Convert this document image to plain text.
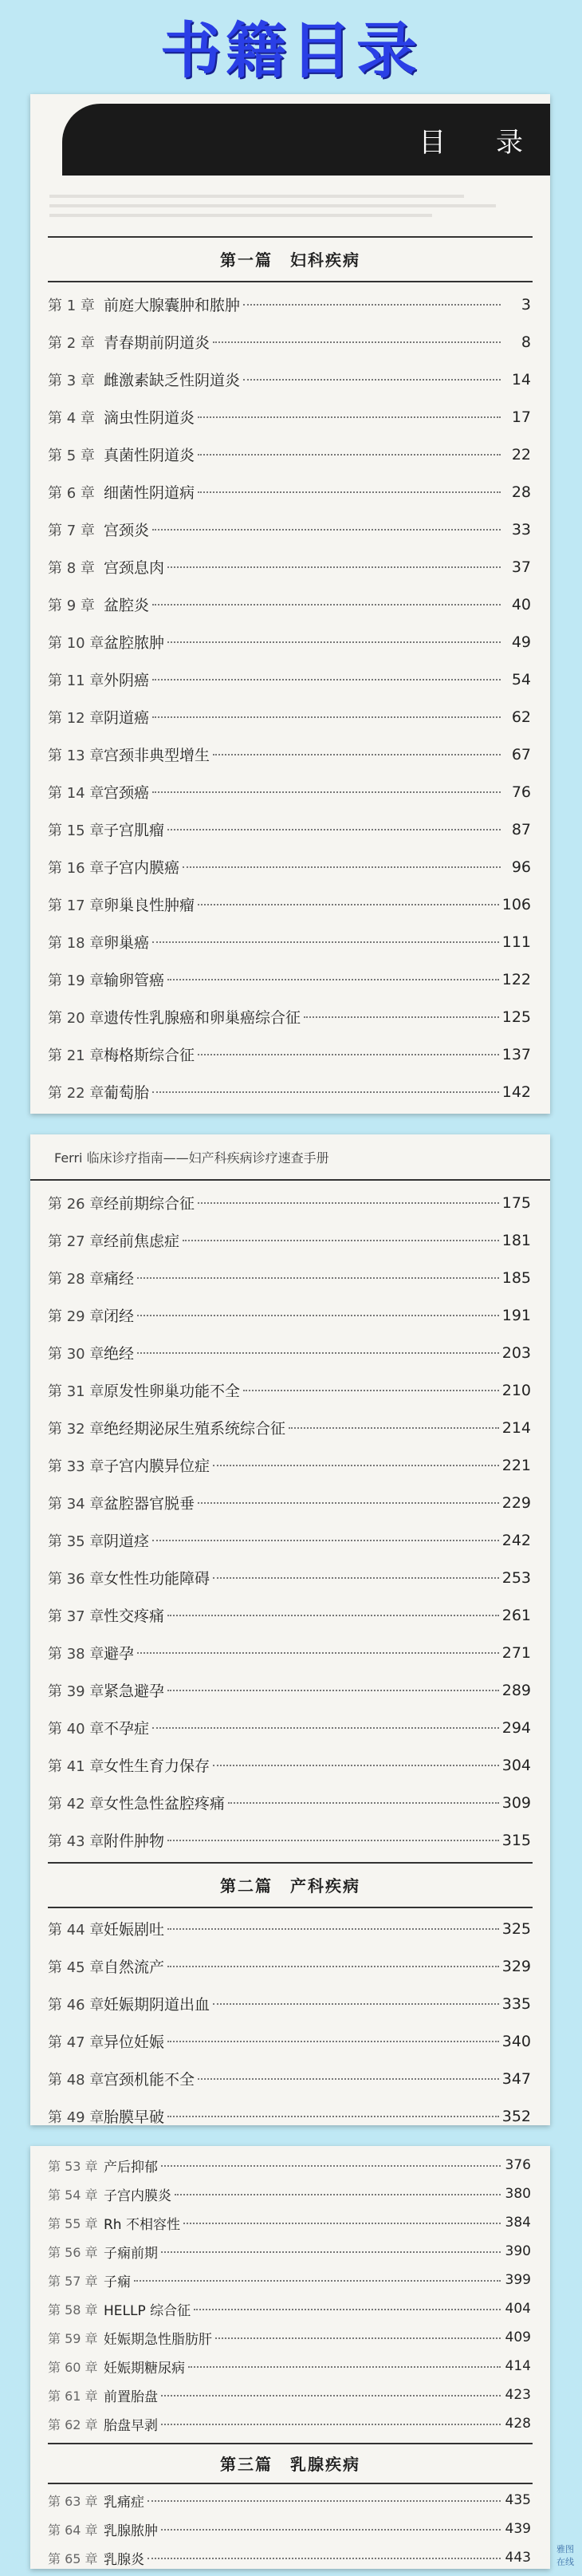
书籍目录
目 录
第一篇　妇科疾病
第 1 章 前庭大腺囊肿和脓肿	3
第 2 章 青春期前阴道炎	8
第 3 章 雌激素缺乏性阴道炎	14
第 4 章 滴虫性阴道炎	17
第 5 章 真菌性阴道炎	22
第 6 章 细菌性阴道病	28
第 7 章 宫颈炎	33
第 8 章 宫颈息肉	37
第 9 章 盆腔炎	40
第 10 章 盆腔脓肿	49
第 11 章 外阴癌	54
第 12 章 阴道癌	62
第 13 章 宫颈非典型增生	67
第 14 章 宫颈癌	76
第 15 章 子宫肌瘤	87
第 16 章 子宫内膜癌	96
第 17 章 卵巢良性肿瘤	106
第 18 章 卵巢癌	111
第 19 章 输卵管癌	122
第 20 章 遗传性乳腺癌和卵巢癌综合征	125
第 21 章 梅格斯综合征	137
第 22 章 葡萄胎	142
Ferri 临床诊疗指南——妇产科疾病诊疗速查手册
第 26 章 经前期综合征	175
第 27 章 经前焦虑症	181
第 28 章 痛经	185
第 29 章 闭经	191
第 30 章 绝经	203
第 31 章 原发性卵巢功能不全	210
第 32 章 绝经期泌尿生殖系统综合征	214
第 33 章 子宫内膜异位症	221
第 34 章 盆腔器官脱垂	229
第 35 章 阴道痉	242
第 36 章 女性性功能障碍	253
第 37 章 性交疼痛	261
第 38 章 避孕	271
第 39 章 紧急避孕	289
第 40 章 不孕症	294
第 41 章 女性生育力保存	304
第 42 章 女性急性盆腔疼痛	309
第 43 章 附件肿物	315
第二篇　产科疾病
第 44 章 妊娠剧吐	325
第 45 章 自然流产	329
第 46 章 妊娠期阴道出血	335
第 47 章 异位妊娠	340
第 48 章 宫颈机能不全	347
第 49 章 胎膜早破	352
第 53 章 产后抑郁	376
第 54 章 子宫内膜炎	380
第 55 章 Rh 不相容性	384
第 56 章 子痫前期	390
第 57 章 子痫	399
第 58 章 HELLP 综合征	404
第 59 章 妊娠期急性脂肪肝	409
第 60 章 妊娠期糖尿病	414
第 61 章 前置胎盘	423
第 62 章 胎盘早剥	428
第三篇　乳腺疾病
第 63 章 乳痛症	435
第 64 章 乳腺脓肿	439
第 65 章 乳腺炎	443
雅图在线
